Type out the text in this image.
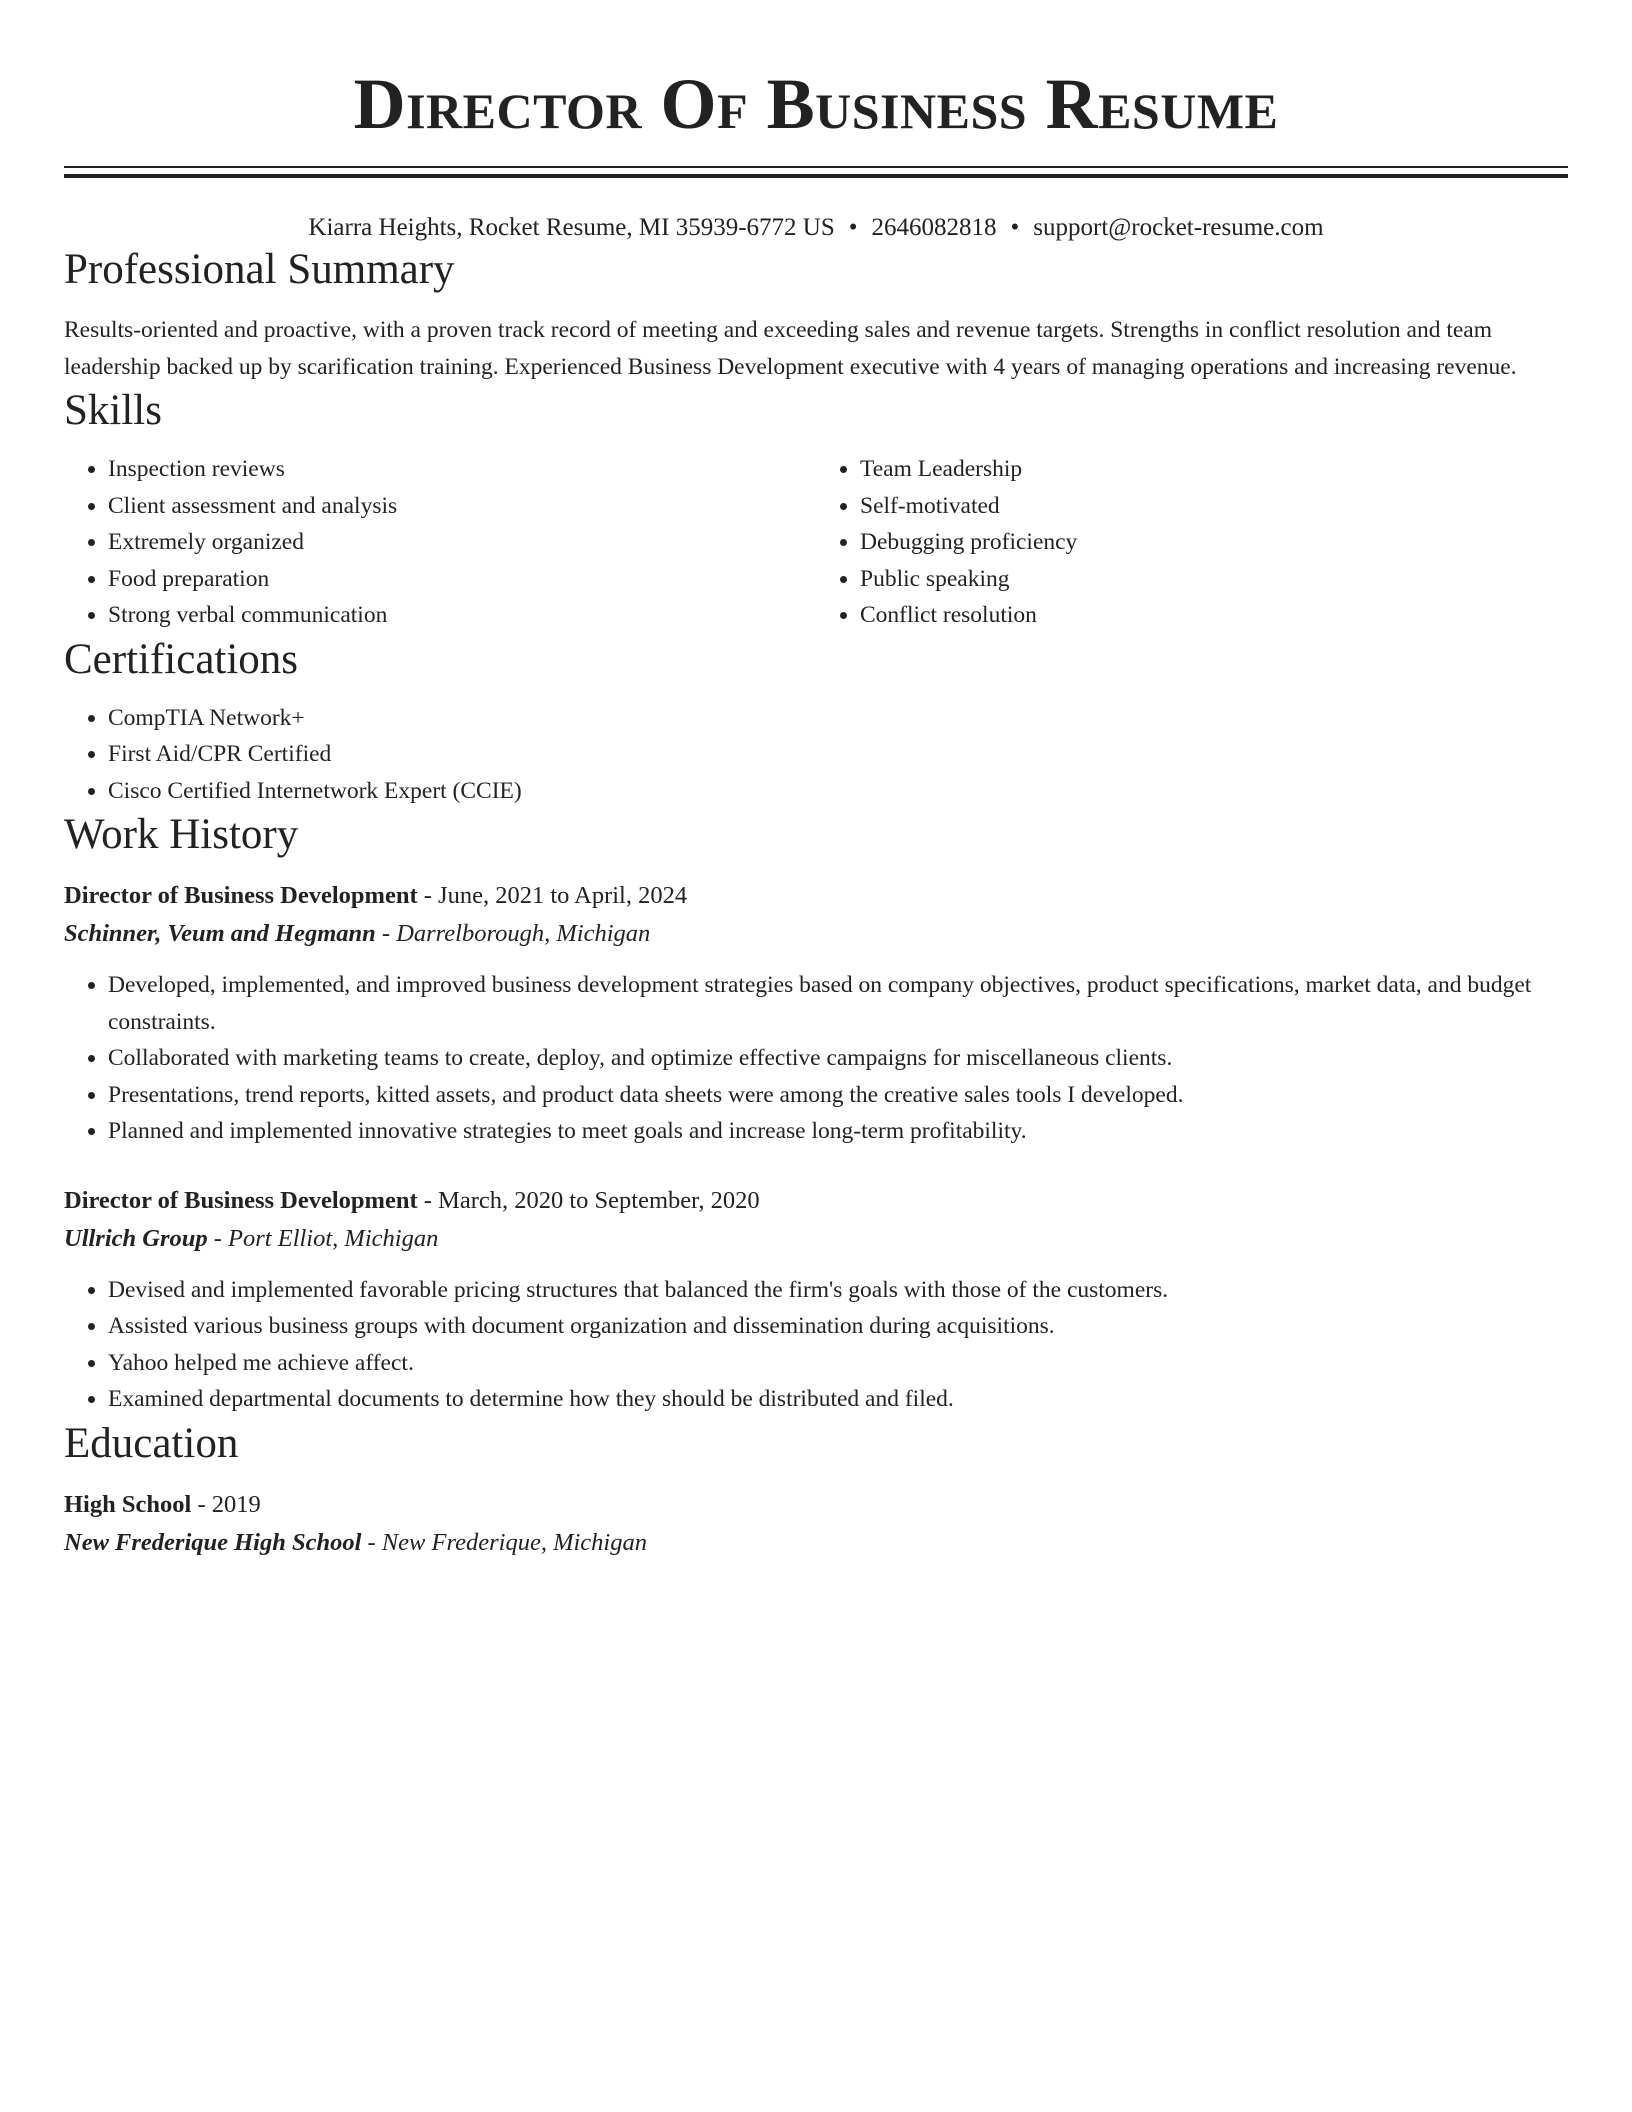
Director Of Business Resume
Kiarra Heights, Rocket Resume, MI 35939-6772 US • 2646082818 • support@rocket-resume.com
Professional Summary

Results-oriented and proactive, with a proven track record of meeting and exceeding sales and revenue targets. Strengths in conflict resolution and team leadership backed up by scarification training. Experienced Business Development executive with 4 years of managing operations and increasing revenue.

Skills
• Inspection reviews
• Client assessment and analysis
• Extremely organized
• Food preparation
• Strong verbal communication
• Team Leadership
• Self-motivated
• Debugging proficiency
• Public speaking
• Conflict resolution
Certifications
• CompTIA Network+
• First Aid/CPR Certified
• Cisco Certified Internetwork Expert (CCIE)
Work History
Director of Business Development - June, 2021 to April, 2024
Schinner, Veum and Hegmann - Darrelborough, Michigan
• Developed, implemented, and improved business development strategies based on company objectives, product specifications, market data, and budget constraints.
• Collaborated with marketing teams to create, deploy, and optimize effective campaigns for miscellaneous clients.
• Presentations, trend reports, kitted assets, and product data sheets were among the creative sales tools I developed.
• Planned and implemented innovative strategies to meet goals and increase long-term profitability.
Director of Business Development - March, 2020 to September, 2020
Ullrich Group - Port Elliot, Michigan
• Devised and implemented favorable pricing structures that balanced the firm's goals with those of the customers.
• Assisted various business groups with document organization and dissemination during acquisitions.
• Yahoo helped me achieve affect.
• Examined departmental documents to determine how they should be distributed and filed.
Education
High School - 2019
New Frederique High School - New Frederique, Michigan
